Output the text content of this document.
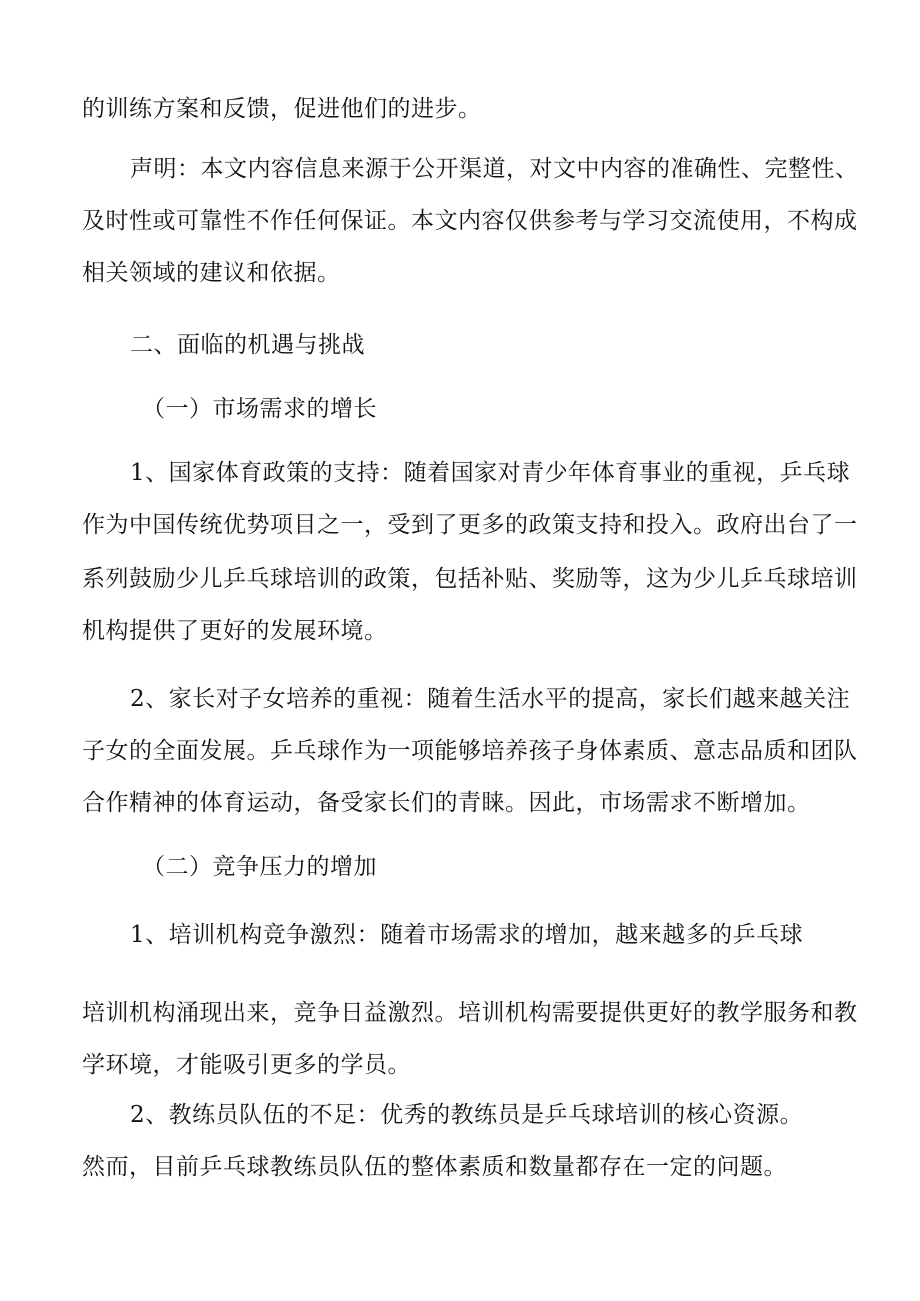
的训练方案和反馈，促进他们的进步。
声明：本文内容信息来源于公开渠道，对文中内容的准确性、完整性、
及时性或可靠性不作任何保证。本文内容仅供参考与学习交流使用，不构成
相关领域的建议和依据。
二、面临的机遇与挑战
（一）市场需求的增长
1、国家体育政策的支持：随着国家对青少年体育事业的重视，乒乓球
作为中国传统优势项目之一，受到了更多的政策支持和投入。政府出台了一
系列鼓励少儿乒乓球培训的政策，包括补贴、奖励等，这为少儿乒乓球培训
机构提供了更好的发展环境。
2、家长对子女培养的重视：随着生活水平的提高，家长们越来越关注
子女的全面发展。乒乓球作为一项能够培养孩子身体素质、意志品质和团队
合作精神的体育运动，备受家长们的青睐。因此，市场需求不断增加。
（二）竞争压力的增加
1、培训机构竞争激烈：随着市场需求的增加，越来越多的乒乓球
培训机构涌现出来，竞争日益激烈。培训机构需要提供更好的教学服务和教
学环境，才能吸引更多的学员。
2、教练员队伍的不足：优秀的教练员是乒乓球培训的核心资源。
然而，目前乒乓球教练员队伍的整体素质和数量都存在一定的问题。
